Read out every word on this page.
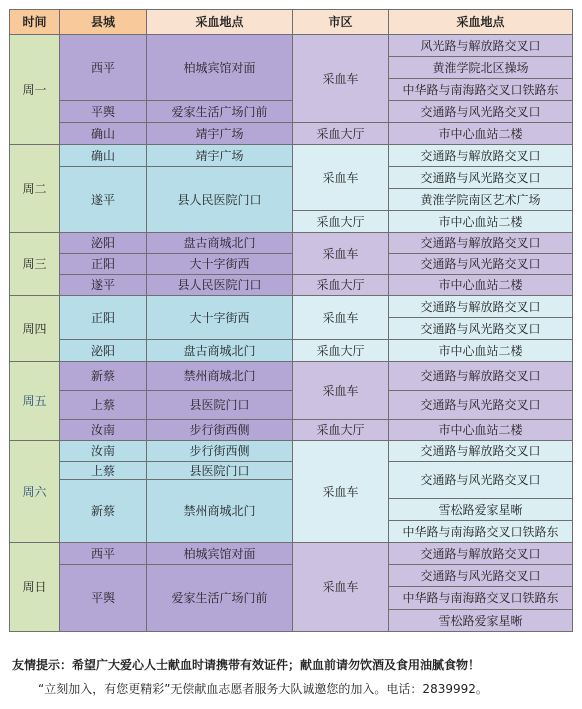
时间	县城	采血地点	市区	采血地点
周一	西平	柏城宾馆对面	采血车	风光路与解放路交叉口
				黄淮学院北区操场
				中华路与南海路交叉口铁路东
	平舆	爱家生活广场门前		交通路与风光路交叉口
	确山	靖宇广场	采血大厅	市中心血站二楼
周二	确山	靖宇广场	采血车	交通路与解放路交叉口
	遂平	县人民医院门口		交通路与风光路交叉口
				黄淮学院南区艺术广场
			采血大厅	市中心血站二楼
周三	泌阳	盘古商城北门	采血车	交通路与解放路交叉口
	正阳	大十字街西		交通路与风光路交叉口
	遂平	县人民医院门口	采血大厅	市中心血站二楼
周四	正阳	大十字街西	采血车	交通路与解放路交叉口
				交通路与风光路交叉口
	泌阳	盘古商城北门	采血大厅	市中心血站二楼
周五	新蔡	禁州商城北门	采血车	交通路与解放路交叉口
	上蔡	县医院门口		交通路与风光路交叉口
	汝南	步行街西侧	采血大厅	市中心血站二楼
周六	汝南	步行街西侧	采血车	交通路与解放路交叉口
	上蔡	县医院门口		交通路与风光路交叉口
	新蔡	禁州商城北门		
				雪松路爱家星晰
				中华路与南海路交叉口铁路东
周日	西平	柏城宾馆对面	采血车	交通路与解放路交叉口
	平舆	爱家生活广场门前		交通路与风光路交叉口
				中华路与南海路交叉口铁路东

				雪松路爱家星晰
友情提示：希望广大爱心人士献血时请携带有效证件；献血前请勿饮酒及食用油腻食物！
“立刻加入，有您更精彩”无偿献血志愿者服务大队诚邀您的加入。电话：2839992。
